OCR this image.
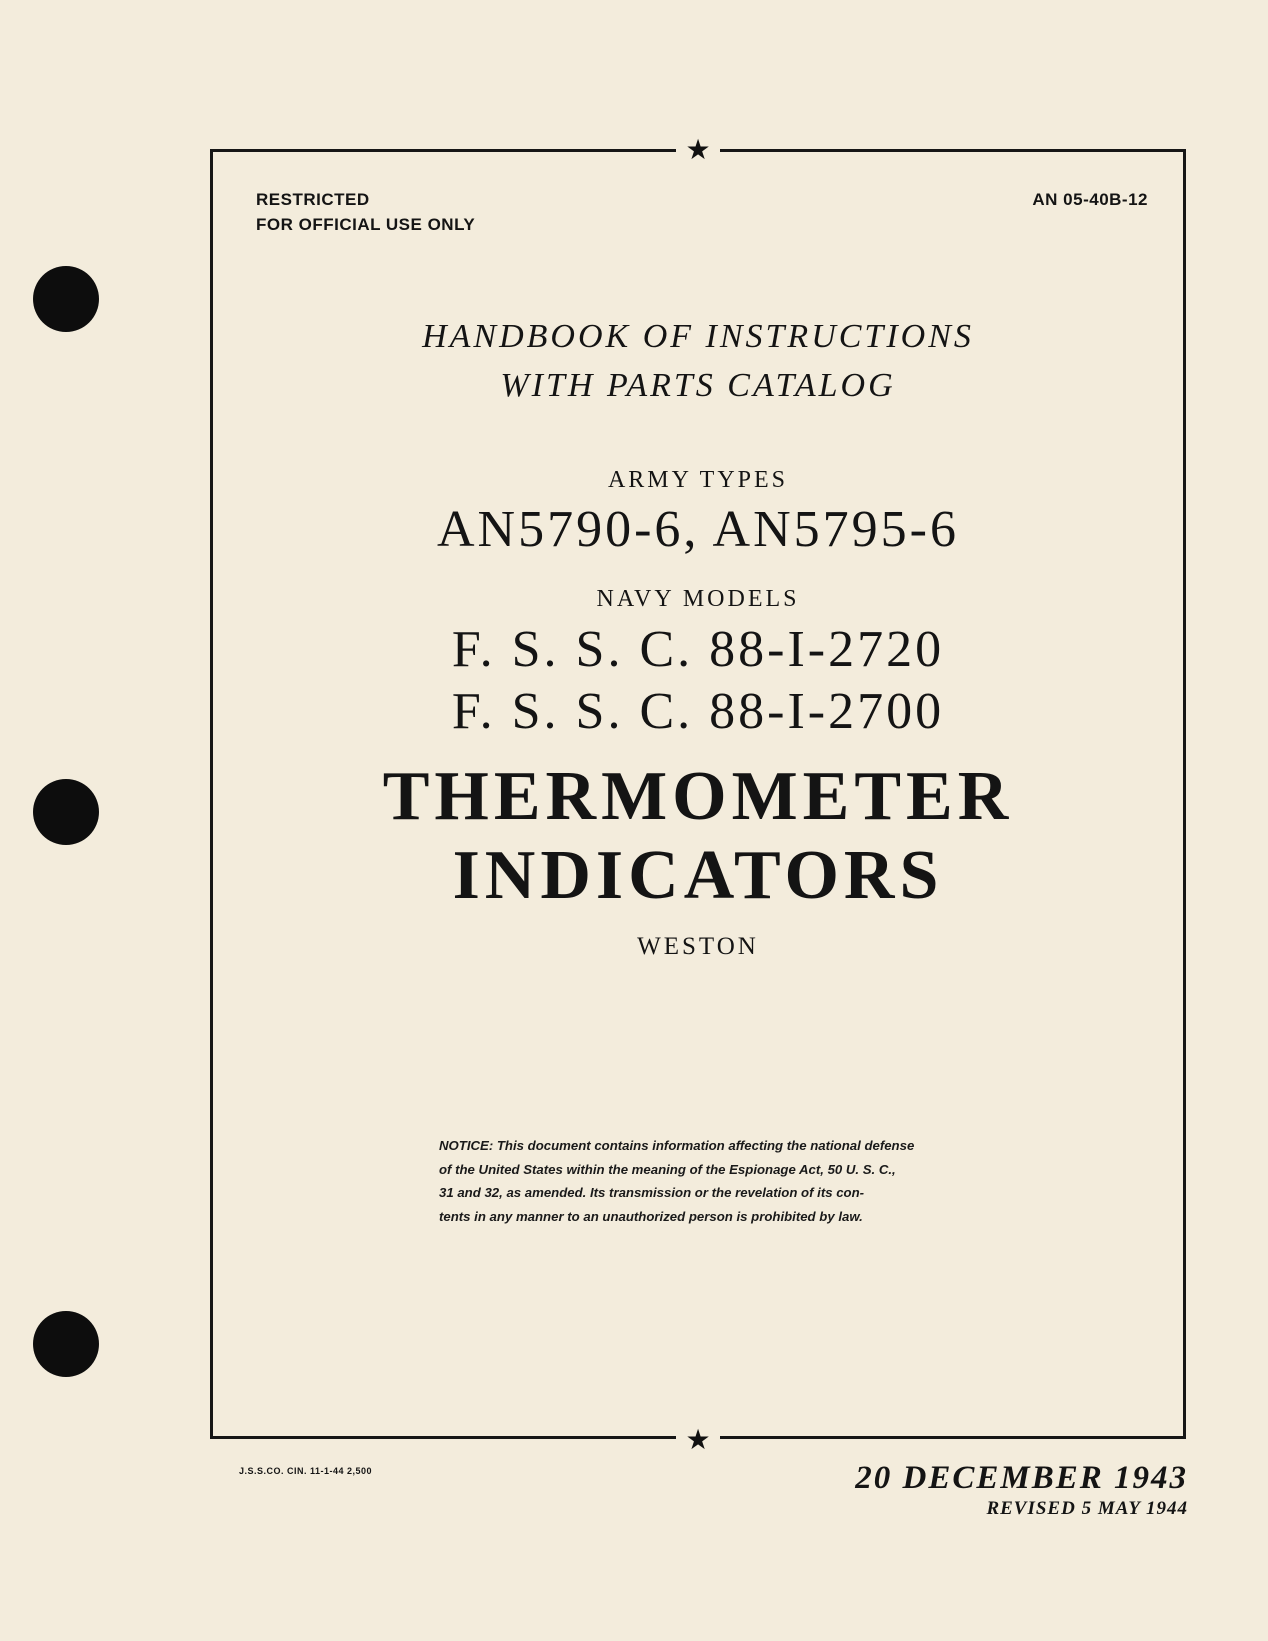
★
★
RESTRICTED
FOR OFFICIAL USE ONLY
AN 05-40B-12
HANDBOOK OF INSTRUCTIONS
WITH PARTS CATALOG
ARMY TYPES
AN5790-6, AN5795-6
NAVY MODELS
F. S. S. C. 88-I-2720
F. S. S. C. 88-I-2700
THERMOMETER
INDICATORS
WESTON
NOTICE: This document contains information affecting the national defense
of the United States within the meaning of the Espionage Act, 50 U. S. C.,
31 and 32, as amended. Its transmission or the revelation of its con-
tents in any manner to an unauthorized person is prohibited by law.
J.S.S.CO. CIN. 11-1-44 2,500	20 DECEMBER 1943
REVISED 5 MAY 1944
